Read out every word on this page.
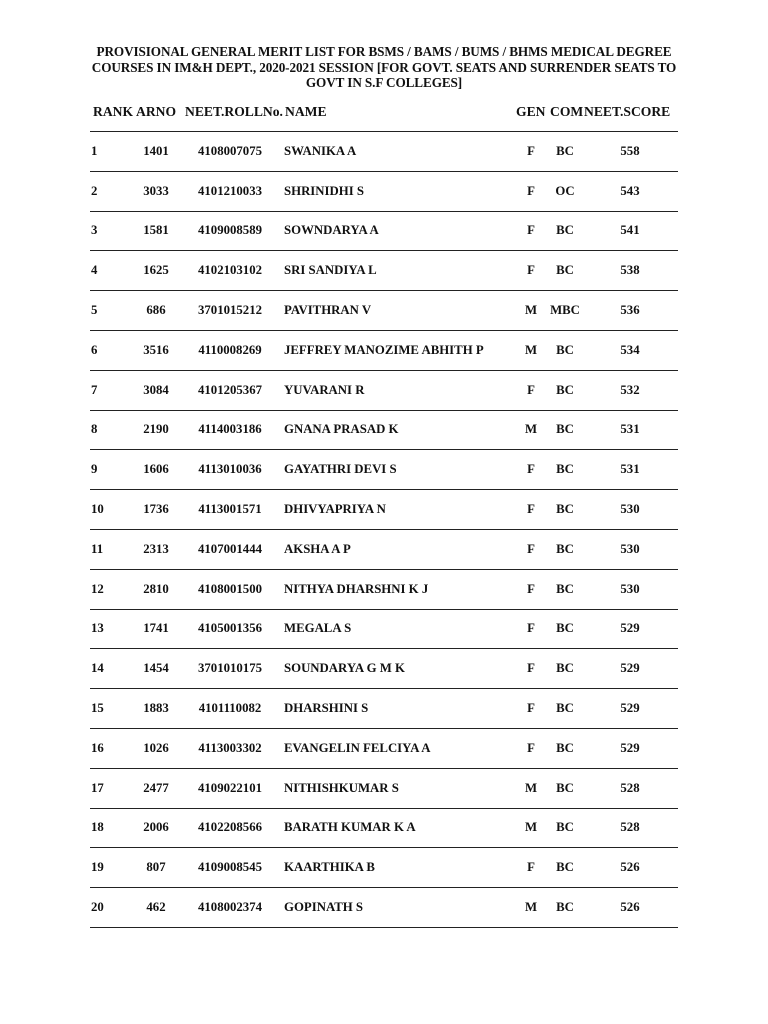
PROVISIONAL GENERAL MERIT LIST FOR BSMS / BAMS / BUMS / BHMS MEDICAL DEGREE
COURSES IN IM&H DEPT., 2020-2021 SESSION [FOR GOVT. SEATS AND SURRENDER SEATS TO
GOVT IN S.F COLLEGES]
RANK ARNO NEET.ROLLNo. NAME	GEN COM NEET.SCORE
1	1401	4108007075	SWANIKA A	F	BC	558
2	3033	4101210033	SHRINIDHI S	F	OC	543
3	1581	4109008589	SOWNDARYA A	F	BC	541
4	1625	4102103102	SRI SANDIYA L	F	BC	538
5	686	3701015212	PAVITHRAN V	M	MBC	536
6	3516	4110008269	JEFFREY MANOZIME ABHITH P	M	BC	534
7	3084	4101205367	YUVARANI R	F	BC	532
8	2190	4114003186	GNANA PRASAD K	M	BC	531
9	1606	4113010036	GAYATHRI DEVI S	F	BC	531
10	1736	4113001571	DHIVYAPRIYA N	F	BC	530
11	2313	4107001444	AKSHA A P	F	BC	530
12	2810	4108001500	NITHYA DHARSHNI K J	F	BC	530
13	1741	4105001356	MEGALA S	F	BC	529
14	1454	3701010175	SOUNDARYA G M K	F	BC	529
15	1883	4101110082	DHARSHINI S	F	BC	529
16	1026	4113003302	EVANGELIN FELCIYA A	F	BC	529
17	2477	4109022101	NITHISHKUMAR S	M	BC	528
18	2006	4102208566	BARATH KUMAR K A	M	BC	528
19	807	4109008545	KAARTHIKA B	F	BC	526
20	462	4108002374	GOPINATH S	M	BC	526
